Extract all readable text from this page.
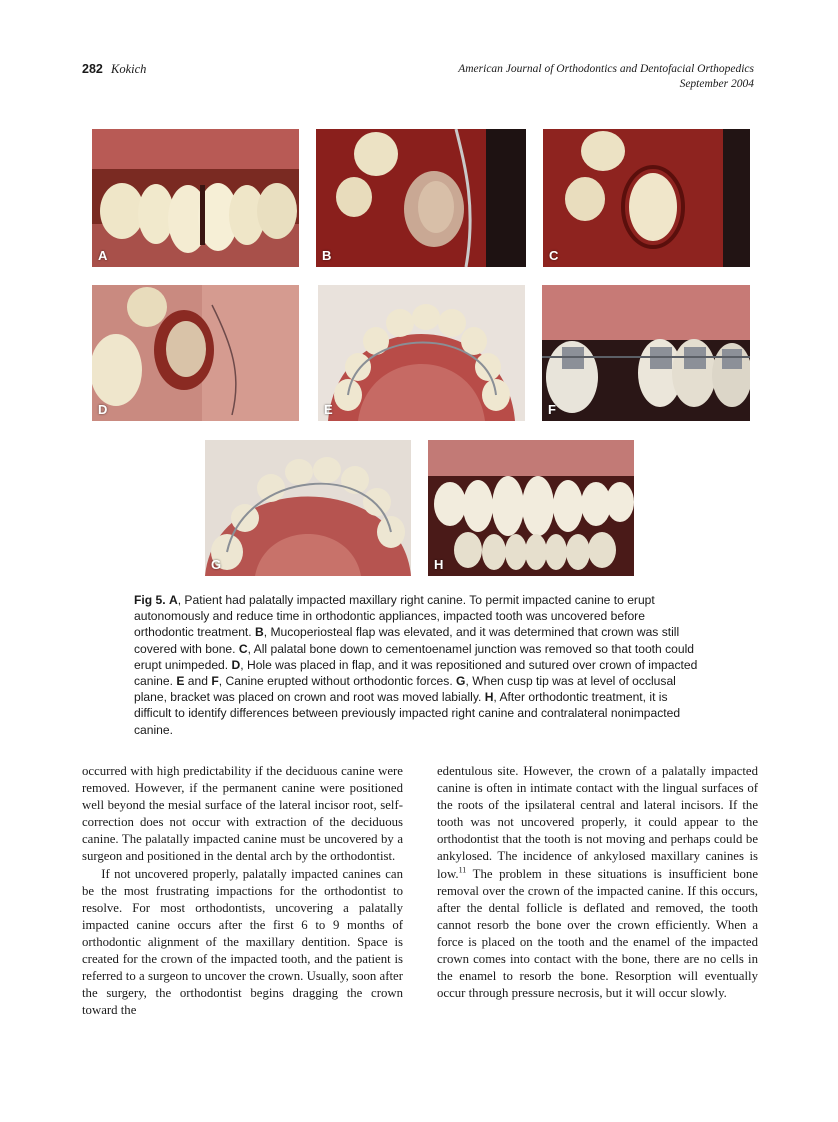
282 Kokich	American Journal of Orthodontics and Dentofacial Orthopedics
September 2004
A	B	C
D	E	F
G	H
Fig 5. A, Patient had palatally impacted maxillary right canine. To permit impacted canine to erupt autonomously and reduce time in orthodontic appliances, impacted tooth was uncovered before orthodontic treatment. B, Mucoperiosteal flap was elevated, and it was determined that crown was still covered with bone. C, All palatal bone down to cementoenamel junction was removed so that tooth could erupt unimpeded. D, Hole was placed in flap, and it was repositioned and sutured over crown of impacted canine. E and F, Canine erupted without orthodontic forces. G, When cusp tip was at level of occlusal plane, bracket was placed on crown and root was moved labially. H, After orthodontic treatment, it is difficult to identify differences between previously impacted right canine and contralateral nonimpacted canine.

occurred with high predictability if the deciduous canine were removed. However, if the permanent canine were positioned well beyond the mesial surface of the lateral incisor root, self-correction does not occur with extraction of the deciduous canine. The palatally impacted canine must be uncovered by a surgeon and positioned in the dental arch by the orthodontist.

If not uncovered properly, palatally impacted canines can be the most frustrating impactions for the orthodontist to resolve. For most orthodontists, uncovering a palatally impacted canine occurs after the first 6 to 9 months of orthodontic alignment of the maxillary dentition. Space is created for the crown of the impacted tooth, and the patient is referred to a surgeon to uncover the crown. Usually, soon after the surgery, the orthodontist begins dragging the crown toward the

edentulous site. However, the crown of a palatally impacted canine is often in intimate contact with the lingual surfaces of the roots of the ipsilateral central and lateral incisors. If the tooth was not uncovered properly, it could appear to the orthodontist that the tooth is not moving and perhaps could be ankylosed. The incidence of ankylosed maxillary canines is low.$^{11}$ The problem in these situations is insufficient bone removal over the crown of the impacted canine. If this occurs, after the dental follicle is deflated and removed, the tooth cannot resorb the bone over the crown efficiently. When a force is placed on the tooth and the enamel of the impacted crown comes into contact with the bone, there are no cells in the enamel to resorb the bone. Resorption will eventually occur through pressure necrosis, but it will occur slowly.
